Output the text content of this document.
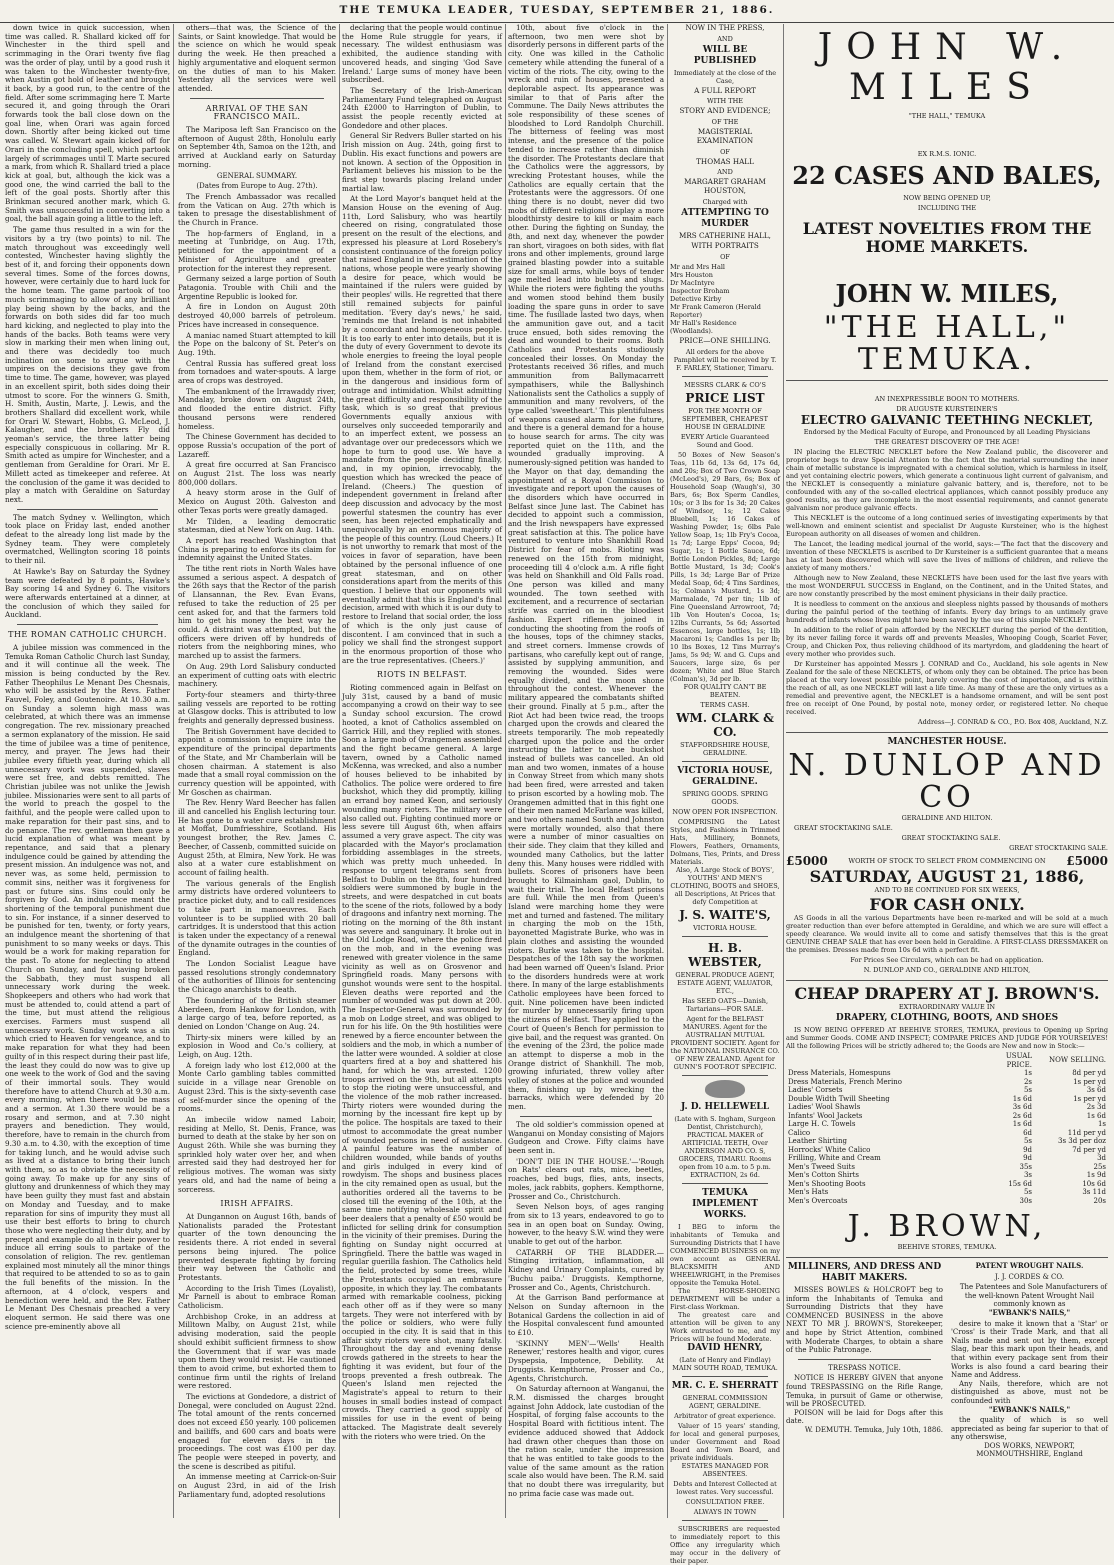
THE TEMUKA LEADER, TUESDAY, SEPTEMBER 21, 1886.

down twice in quick succession, when time was called. R. Shallard kicked off for Winchester in the third spell and scrimmaging in the Orari twenty five flag was the order of play, until by a good rush it was taken to the Winchester twenty-five, when Austin got hold of leather and brought it back, by a good run, to the centre of the field. After some scrimmaging here T. Marte secured it, and going through the Orari forwards took the ball close down on the goal line, when Orari was again forced down. Shortly after being kicked out time was called. W. Stewart again kicked off for Orari in the concluding spell, which partook largely of scrimmages until T. Marte secured a mark, from which R. Shallard tried a place kick at goal, but, although the kick was a good one, the wind carried the ball to the left of the goal posts. Shortly after this Brinkman secured another mark, which G. Smith was unsuccessful in converting into a goal, the ball again going a little to the left.

The game thus resulted in a win for the visitors by a try (two points) to nil. The match throughout was exceedingly well contested, Winchester having slightly the best of it, and forcing their opponents down several times. Some of the forces downs, however, were certainly due to hard luck for the home team. The game partook of too much scrimmaging to allow of any brilliant play being shown by the backs, and the forwards on both sides did far too much hard kicking, and neglected to play into the hands of the backs. Both teams were very slow in marking their men when lining out, and there was decidedly too much inclination on some to argue with the umpires on the decisions they gave from time to time. The game, however, was played in an excellent spirit, both sides doing their utmost to score. For the winners G. Smith, H. Smith, Austin, Marte, J. Lewis, and the brothers Shallard did excellent work, while for Orari W. Stewart, Hobbs, G. McLeod, J. Kalaugher, and the brothers Fly did yeoman's service, the three latter being especially conspicuous in collaring. Mr R. Smith acted as umpire for Winchester, and a gentleman from Geraldine for Orari. Mr E. Millett acted as timekeeper and referee. At the conclusion of the game it was decided to play a match with Geraldine on Saturday next.

The match Sydney v. Wellington, which took place on Friday last, ended another defeat to the already long list made by the Sydney team. They were completely overmatched, Wellington scoring 18 points to their nil.

At Hawke's Bay on Saturday the Sydney team were defeated by 8 points, Hawke's Bay scoring 14 and Sydney 6. The visitors were afterwards entertained at a dinner, at the conclusion of which they sailed for Auckland.

THE ROMAN CATHOLIC CHURCH.

A jubilee mission was commenced in the Temuka Roman Catholic Church last Sunday, and it will continue all the week. The mission is being conducted by the Rev. Father Theophilus Le Menant Des Chesnais, who will be assisted by the Revs. Father Fauvel, Foley, and Goutenoire. At 10.30 a.m. on Sunday a solemn high mass was celebrated, at which there was an immense congregation. The rev. missionary preached a sermon explanatory of the mission. He said the time of jubilee was a time of penitence, mercy, and prayer. The Jews had their jubilee every fiftieth year, during which all unnecessary work was suspended, slaves were set free, and debts remitted. The Christian jubilee was not unlike the Jewish jubilee. Missionaries were sent to all parts of the world to preach the gospel to the faithful, and the people were called upon to make reparation for their past sins, and to do penance. The rev. gentleman then gave a lucid explanation of what was meant by repentance, and said that a plenary indulgence could be gained by attending the present mission. An indulgence was not, and never was, as some held, permission to commit sins, neither was it forgiveness for past or future sins. Sins could only be forgiven by God. An indulgence meant the shortening of the temporal punishment due to sin. For instance, if a sinner deserved to be punished for ten, twenty, or forty years, an indulgence meant the shortening of that punishment to so many weeks or days. This would be a work for making reparation for the past. To atone for neglecting to attend Church on Sunday, and for having broken the Sabbath, they must suspend all unnecessary work during the week. Shopkeepers and others who had work that must be attended to, could attend a part of the time, but must attend the religious exercises. Farmers must suspend all unnecessary work. Sunday work was a sin which cried to Heaven for vengeance, and to make reparation for what they had been guilty of in this respect during their past life, the least they could do now was to give up one week to the work of God and the saving of their immortal souls. They would therefore have to attend Church at 9.30 a.m. every morning, when there would be mass and a sermon. At 1.30 there would be a rosary and sermon, and at 7.30 night prayers and benediction. They would, therefore, have to remain in the church from 9.30 a.m. to 4.30, with the exception of time for taking lunch, and he would advise such as lived at a distance to bring their lunch with them, so as to obviate the necessity of going away. To make up for any sins of gluttony and drunkenness of which they may have been guilty they must fast and abstain on Monday and Tuesday, and to make reparation for sins of impurity they must all use their best efforts to bring to church those who were neglecting their duty, and by precept and example do all in their power to induce all erring souls to partake of the consolation of religion. The rev. gentleman explained most minutely all the minor things that required to be attended to so as to gain the full benefits of the mission. In the afternoon, at 4 o'clock, vespers and benediction were held, and the Rev. Father Le Menant Des Chesnais preached a very eloquent sermon. He said there was one science pre-eminently above all

others—that was, the Science of the Saints, or Saint knowledge. That would be the science on which he would speak during the week. He then preached a highly argumentative and eloquent sermon on the duties of man to his Maker. Yesterday all the services were well attended.

ARRIVAL OF THE SAN FRANCISCO MAIL.

The Mariposa left San Francisco on the afternoon of August 28th, Honolulu early on September 4th, Samoa on the 12th, and arrived at Auckland early on Saturday morning.

GENERAL SUMMARY.

(Dates from Europe to Aug. 27th).

The French Ambassador was recalled from the Vatican on Aug. 27th which is taken to presage the disestablishment of the Church in France.

The hop-farmers of England, in a meeting at Tunbridge, on Aug. 17th, petitioned for the appointment of a Minister of Agriculture and greater protection for the interest they represent.

Germany seized a large portion of South Patagonia. Trouble with Chili and the Argentine Republic is looked for.

A fire in London on August 20th destroyed 40,000 barrels of petroleum. Prices have increased in consequence.

A maniac named Stuart attempted to kill the Pope on the balcony of St. Peter's on Aug. 19th.

Central Russia has suffered great loss from tornadoes and water-spouts. A large area of crops was destroyed.

The embankment of the Irrawaddy river, Mandalay, broke down on August 24th, and flooded the entire district. Fifty thousand persons were rendered homeless.

The Chinese Government has decided to oppose Russia's occupation of the port of Lazareff.

A great fire occurred at San Francisco on August 21st. The loss was nearly 800,000 dollars.

A heavy storm arose in the Gulf of Mexico on August 20th. Galveston and other Texas ports were greatly damaged.

Mr Tilden, a leading democratic statesman, died at New York on Aug. 14th.

A report has reached Washington that China is preparing to enforce its claim for indemnity against the United States.

The tithe rent riots in North Wales have assumed a serious aspect. A despatch of the 26th says that the Rector of the parish of Llansannan, the Rev. Evan Evans, refused to take the reduction of 25 per cent asked for, and that the farmers told him to get his money the best way he could. A distraint was attempted, but the officers were driven off by hundreds of rioters from the neighboring mines, who marched up to assist the farmers.

On Aug. 29th Lord Salisbury conducted an experiment of cutting oats with electric machinery.

Forty-four steamers and thirty-three sailing vessels are reported to be rotting at Glasgow docks. This is attributed to low freights and generally depressed business.

The British Government have decided to appoint a commission to enquire into the expenditure of the principal departments of the State, and Mr Chamberlain will be chosen chairman. A statement is also made that a small royal commission on the currency question will be appointed, with Mr Goschen as chairman.

The Rev. Henry Ward Beecher has fallen ill and cancelled his English lecturing tour. He has gone to a water cure establishment at Moffat, Dumfriesshire, Scotland. His youngest brother, the Rev. James C. Beecher, of Cassenb, committed suicide on August 25th, at Elmira, New York. He was also at a water cure establishment on account of failing health.

The various generals of the English army districts have ordered volunteers to practice picket duty, and to call residences to take part in manoeuvres. Each volunteer is to be supplied with 20 ball cartridges. It is understood that this action is taken under the expectancy of a renewal of the dynamite outrages in the counties of England.

The London Socialist League have passed resolutions strongly condemnatory of the authorities of Illinois for sentencing the Chicago anarchists to death.

The foundering of the British steamer Aberdeen, from Hankow for London, with a large cargo of tea, before reported, as denied on London 'Change on Aug. 24.

Thirty-six miners were killed by an explosion in Wood and Co.'s colliery, at Leigh, on Aug. 12th.

A foreign lady who lost £12,000 at the Monte Carlo gambling tables committed suicide in a village near Grenoble on August 23rd. This is the sixty-seventh case of self-murder since the opening of the rooms.

An imbecile widow named Laboir, residing at Mello, St. Denis, France, was burned to death at the stake by her son on August 26th. While she was burning they sprinkled holy water over her, and when arrested said they had destroyed her for religious motives. The woman was sixty years old, and had the name of being a sorceress.

IRISH AFFAIRS.

At Dungannon on August 16th, bands of Nationalists paraded the Protestant quarter of the town denouncing the residents there. A riot ended in several persons being injured. The police prevented desperate fighting by forcing their way between the Catholic and Protestants.

According to the Irish Times (Loyalist), Mr Parnell is about to embrace Roman Catholicism.

Archbishop Croke, in an address at Milltown Malby, on August 21st, while advising moderation, said the people should exhibit sufficient firmness to show the Government that if war was made upon them they would resist. He cautioned them to avoid crime, but exhorted them to continue firm until the rights of Ireland were restored.

The evictions at Gondedore, a district of Donegal, were concluded on August 22nd. The total amount of the rents concerned does not exceed £50 yearly. 100 policemen and bailiffs, and 600 cars and boats were engaged for eleven days in the proceedings. The cost was £100 per day. The people were steeped in poverty, and the scene is described as pitiful.

An immense meeting at Carrick-on-Suir on August 23rd, in aid of the Irish Parliamentary fund, adopted resolutions

declaring that the people would continue the Home Rule struggle for years, if necessary. The wildest enthusiasm was exhibited, the audience standing with uncovered heads, and singing 'God Save Ireland.' Large sums of money have been subscribed.

The Secretary of the Irish-American Parliamentary Fund telegraphed on August 24th £2000 to Harrington of Dublin, to assist the people recently evicted at Gondedore and other places.

General Sir Redvers Buller started on his Irish mission on Aug. 24th, going first to Dublin. His exact functions and powers are not known. A section of the Opposition in Parliament believes his mission to be the first step towards placing Ireland under martial law.

At the Lord Mayor's banquet held at the Mansion House on the evening of Aug. 11th, Lord Salisbury, who was heartily cheered on rising, congratulated those present on the result of the elections, and expressed his pleasure at Lord Rosebery's consistent continuance of the foreign policy that raised England in the estimation of the nations, whose people were yearly showing a desire for peace, which would be maintained if the rulers were guided by their peoples' wills. He regretted that there still remained subjects for painful meditation. 'Every day's news,' he said, 'reminds me that Ireland is not inhabited by a concordant and homogeneous people. It is too early to enter into details, but it is the duty of every Government to devote its whole energies to freeing the loyal people of Ireland from the constant exercised upon them, whether in the form of riot, or in the dangerous and insidious form of outrage and intimidation. Whilst admitting the great difficulty and responsibility of the task, which is so great that previous Governments equally anxious with ourselves only succeeded temporarily and to an imperfect extent, we possess an advantage over our predecessors which we hope to turn to good use. We have a mandate from the people deciding finally, and, in my opinion, irrevocably, the question which has wrecked the peace of Ireland. (Cheers.) The question of independent government in Ireland after deep discussion and advocacy by the most powerful statesmen the country has ever seen, has been rejected emphatically and unequivocally by an enormous majority of the people of this country. (Loud Cheers.) It is not unworthy to remark that most of the voices in favor of separation, have been obtained by the personal influence of one great statesman, and on other considerations apart from the merits of this question. I believe that our opponents will eventually admit that this is England's final decision, armed with which it is our duty to restore to Ireland that social order, the loss of which is the only just cause of discontent. I am convinced that in such a policy we shall find the strongest support in the enormous proportion of those who are the true representatives. (Cheers.)'

RIOTS IN BELFAST.

Rioting commenced again in Belfast on July 31st, caused by a band of music accompanying a crowd on their way to see a Sunday school excursion. The crowd hooted, a knot of Catholics assembled on Garrick Hill, and they replied with stones. Soon a large mob of Orangemen assembled and the fight became general. A large tavern, owned by a Catholic named McKenna, was wrecked, and also a number of houses believed to be inhabited by Catholics. The police were ordered to fire buckshot, which they did promptly, killing an errand boy named Keon, and seriously wounding many rioters. The military were also called out. Fighting continued more or less severe till August 6th, when affairs assumed a very grave aspect. The city was placarded with the Mayor's proclamation forbidding assemblages in the streets, which was pretty much unheeded. In response to urgent telegrams sent from Belfast to Dublin on the 8th, four hundred soldiers were summoned by bugle in the streets, and were despatched in cut boats to the scene of the riots, followed by a body of dragoons and infantry next morning. The rioting on the morning of the 8th instant was severe and sanguinary. It broke out in the Old Lodge Road, where the police fired on the mob, and in the evening was renewed with greater violence in the same vicinity as well as on Grosvenor and Springfield roads. Many persons with gunshot wounds were sent to the hospital. Eleven deaths were reported and the number of wounded was put down at 200. The Inspector-General was surrounded by a mob on Lodge street, and was obliged to run for his life. On the 9th hostilities were renewed by a fierce encounter between the soldiers and the mob, in which a number of the latter were wounded. A soldier at close quarters fired at a boy and shattered his hand, for which he was arrested. 1200 troops arrived on the 9th, but all attempts to stop the rioting were unsuccessful, and the violence of the mob rather increased. Thirty rioters were wounded during the morning by the incessant fire kept up by the police. The hospitals are taxed to their utmost to accommodate the great number of wounded persons in need of assistance. A painful feature was the number of children wounded, while bands of youths and girls indulged in every kind of rowdyism. The shops and business places in the city remained open as usual, but the authorities ordered all the taverns to be closed till the evening of the 10th, at the same time notifying wholesale spirit and beer dealers that a penalty of £50 would be inflicted for selling drink for consumption in the vicinity of their premises. During the fighting on Sunday night occurred at Springfield. There the battle was waged in regular guerilla fashion. The Catholics held the field, protected by some trees, while the Protestants occupied an embrasure opposite, in which they lay. The combatants armed with remarkable coolness, picking each other off as if they were so many targets. They were not interfered with by the police or soldiers, who were fully occupied in the city. It is said that in this affair sixty rioters were shot, many fatally. Throughout the day and evening dense crowds gathered in the streets to hear the fighting it was evident, but four of the troops prevented a fresh outbreak. The Queen's Island men rejected the Magistrate's appeal to return to their houses in small bodies instead of compact crowds. They carried a good supply of missiles for use in the event of being attacked. The Magistrate dealt severely with the rioters who were tried. On the

10th, about five o'clock in the afternoon, two men were shot by disorderly persons in different parts of the city. One was killed in the Catholic cemetery while attending the funeral of a victim of the riots. The city, owing to the wreck and ruin of houses, presented a deplorable aspect. Its appearance was similar to that of Paris after the Commune. The Daily News attributes the sole responsibility of these scenes of bloodshed to Lord Randolph Churchill. The bitterness of feeling was most intense, and the presence of the police tended to increase rather than diminish the disorder. The Protestants declare that the Catholics were the aggressors, by wrecking Protestant houses, while the Catholics are equally certain that the Protestants were the aggressors. Of one thing there is no doubt, never did two mobs of different religions display a more bloodthirsty desire to kill or maim each other. During the fighting on Sunday, the 8th, and next day, whenever the powder ran short, viragoes on both sides, with flat irons and other implements, ground large grained blasting powder into a suitable size for small arms, while boys of tender age melted lead into bullets and slugs. While the rioters were fighting the youths and women stood behind them busily loading the spare guns in order to save time. The fusillade lasted two days, when the ammunition gave out, and a tacit truce ensued, both sides removing the dead and wounded to their rooms. Both Catholics and Protestants studiously concealed their losses. On Monday the Protestants received 36 rifles, and much ammunition from Ballymacarrett sympathisers, while the Ballyshinch Nationalists sent the Catholics a supply of ammunition and many revolvers, of the type called 'sweetheart.' This plentifulness of weapons caused alarm for the future, and there is a general demand for a house to house search for arms. The city was reported quiet on the 11th, and the wounded gradually improving. A numerously-signed petition was handed to the Mayor on that day, demanding the appointment of a Royal Commission to investigate and report upon the causes of the disorders which have occurred in Belfast since June last. The Cabinet has decided to appoint such a commission, and the Irish newspapers have expressed great satisfaction at this. The police have ventured to venture into Shankhill Road District for fear of mobs. Rioting was renewed on the 15th from midnight, proceeding till 4 o'clock a.m. A rifle fight was held on Shankhill and Old Falls road. One person was killed and many wounded. The town seethed with excitement, and a recurrence of sectarian strife was carried on in the bloodiest fashion. Expert riflemen joined in conducting the shooting from the roofs of the houses, tops of the chimney stacks, and street corners. Immense crowds of partisans, who carefully kept out of range, assisted by supplying ammunition, and removing the wounded. Sides were equally divided, and the moon shone throughout the contest. Whenever the military appeared the combatants shifted their ground. Finally at 5 p.m., after the Riot Act had been twice read, the troops charged upon the crowds and cleared the streets temporarily. The mob repeatedly charged upon the police and the order instructing the latter to use buckshot instead of bullets was cancelled. An old man and two women, inmates of a house in Conway Street from which many shots had been fired, were arrested and taken to prison escorted by a howling mob. The Orangemen admitted that in this fight one of their men named McFarlane was killed, and two others named South and Johnston were mortally wounded, also that there were a number of minor casualties on their side. They claim that they killed and wounded many Catholics, but the latter deny this. Many houses were riddled with bullets. Scores of prisoners have been brought to Kilmainham gaol, Dublin, to wait their trial. The local Belfast prisons are full. While the men from Queen's Island were marching home they were met and turned and fastened. The military in charging the mob on the 15th, bayonetted Magistrate Burke, who was in plain clothes and assisting the wounded rioters. Burke was taken to the hospital. Despatches of the 18th say the workmen had been warned off Queen's Island. Prior to the disorders hundreds were at work there. In many of the large establishments Catholic employees have been forced to quit. Nine policemen have been indicted for murder by unnecessarily firing upon the citizens of Belfast. They applied to the Court of Queen's Bench for permission to give bail, and the request was granted. On the evening of the 23rd, the police made an attempt to disperse a mob in the Orange district of Shankhill. The mob, growing infuriated, threw volley after volley of stones at the police and wounded them, finishing up by wrecking the barracks, which were defended by 20 men.

The old soldier's commission opened at Wanganui on Monday consisting of Majors Gudgeon and Crowe. Fifty claims have been sent in.

'DON'T DIE IN THE HOUSE.'—'Rough on Rats' clears out rats, mice, beetles, roaches, bed bugs, flies, ants, insects, moles, jack rabbits, gophers. Kempthorne, Prosser and Co., Christchurch.

Seven Nelson boys, of ages ranging from six to 13 years, endeavored to go to sea in an open boat on Sunday. Owing, however, to the heavy S.W. wind they were unable to get out of the harbor.

CATARRH OF THE BLADDER.—Stinging irritation, inflammation, all Kidney and Urinary Complaints, cured by 'Buchu paiba.' Druggists. Kempthorne, Prosser and Co., Agents, Christchurch.

At the Garrison Band performance at Nelson on Sunday afternoon in the Botanical Gardens the collection in aid of the Hospital convalescent fund amounted to £10.

'SKINNY MEN'—'Wells' Health Renewer,' restores health and vigor, cures Dyspepsia, Impotence, Debility. At Druggists. Kempthorne, Prosser and Co., Agents, Christchurch.

On Saturday afternoon at Wanganui, the R.M. dismissed the charges brought against John Addock, late custodian of the Hospital, of forging false accounts to the Hospital Board with fictitious intent. The evidence adduced showed that Addock had drawn other cheques than those on the ration scale, under the impression that he was entitled to take goods to the value of the same amount as the ration scale also would have been. The R.M. said that no doubt there was irregularity, but no prima facie case was made out.

NOW IN THE PRESS,

AND

WILL BE PUBLISHED

Immediately at the close of the Case,

A FULL REPORT

WITH THE

STORY AND EVIDENCE;

OF THE

MAGISTERIAL EXAMINATION

OF

THOMAS HALL

AND

MARGARET GRAHAM HOUSTON,

Charged with

ATTEMPTING TO MURDER

MRS CATHERINE HALL,

WITH PORTRAITS

OF

Mr and Mrs Hall
Mrs Houston
Dr MacIntyre
Inspector Broham
Detective Kirby
Mr Frank Cameron (Herald Reporter)
Mr Hall's Residence (Woodlands).

PRICE—ONE SHILLING.

All orders for the above Pamphlet will be received by T. F. FARLEY, Stationer, Timaru.

MESSRS CLARK & CO'S

PRICE LIST

FOR THE MONTH OF SEPTEMBER, CHEAPEST HOUSE IN GERALDINE

EVERY Article Guaranteed Sound and Good.

50 Boxes of New Season's Teas, 11b 6d, 13s 6d, 17s 6d, and 20s; Box of Two Crown Soap (McLeod's), 29 Bars, 6s; Box of Household Soap (Waugh's), 30 Bars, 6s; Box Sperm Candles, 10s; or 3 lbs for 1s 3d; 20 Cakes of Windsor, 1s; 12 Cakes Bluebell, 1s; 16 Cakes of Washing Powder, 1s; 6lbs Pale Yellow Soap, 1s; 1lb Fry's Cocoa, 1s 7d; Large Epps' Cocoa, 9d; Sugar, 1s; 1 Bottle Sauce, 6d; Bottle London Pickles, 8d; Large Bottle Mustard, 1s 3d; Cook's Pills, 1s 3d; Large Bar of Prize Medal Soap, 6d; 4 Tins Sardines, 1s; Colman's Mustard, 1s 3d; Marmalade, 7d per tin; 1lb of Fine Queensland Arrowroot, 7d; 1lb Von Houten's Cocoa, 1s; 12lbs Currants, 5s 6d; Assorted Essences, large bottles, 1s; 1lb Macaroni 1s; Candles 1s per lb; 10 lbs Boxes, 12 Tins Murray's Jams, 5s 9d; W. and G. Cups and Saucers, large size, 6s per dozen; White and Blue Starch (Colman's), 3d per lb.

FOR QUALITY CAN'T BE BEATEN.

TERMS CASH.

WM. CLARK & CO.

STAFFORDSHIRE HOUSE, GERALDINE.

VICTORIA HOUSE, GERALDINE.

SPRING GOODS. SPRING GOODS.

NOW OPEN FOR INSPECTION.

COMPRISING the Latest Styles, and Fashions in Trimmed Hats, Millinery, Bonnets, Flowers, Feathers, Ornaments, Dolmans, Ties, Prints, and Dress Materials.

Also, A Large Stock of BOYS', YOUTHS' AND MEN'S CLOTHING, BOOTS and SHOES, all Descriptions, At Prices that defy Competition at

J. S. WAITE'S,

VICTORIA HOUSE.

H. B. WEBSTER,

GENERAL PRODUCE AGENT, ESTATE AGENT, VALUATOR, ETC.,

Has SEED OATS—Danish, Tartarians—FOR SALE.

Agent for the BELFAST MANURES. Agent for the AUSTRALIAN MUTUAL PROVIDENT SOCIETY. Agent for the NATIONAL INSURANCE CO. OF NEW ZEALAND. Agent for GUNN'S FOOT-ROT SPECIFIC.

J. D. HELLEWELL

(Late with S. Ingham, Surgeon Dentist, Christchurch), PRACTICAL MAKER of ARTIFICIAL TEETH, Over ANDERSON AND CO. S, GROCERS, TIMARU. Rooms open from 10 a.m. to 5 p.m. EXTRACTION, 2s 6d.

TEMUKA IMPLEMENT WORKS.

I BEG to inform the inhabitants of Temuka and Surrounding Districts that I have COMMENCED BUSINESS on my own account as GENERAL BLACKSMITH AND WHEELWRIGHT, in the Premises opposite the Temuka Hotel.

The HORSE-SHOEING DEPARTMENT will be under a First-class Workman.

The greatest care and attention will be given to any Work entrusted to me, and my Prices will be found Moderate.

DAVID HENRY,

(Late of Henry and Findlay) MAIN SOUTH ROAD, TEMUKA.

MR. C. E. SHERRATT

GENERAL COMMISSION AGENT, GERALDINE.

Arbitrator of great experience.

Valuer of 15 years' standing, for local and general purposes, under Government and Road Board and Town Board, and private individuals.

ESTATES MANAGED FOR ABSENTEES.

Debts and Interest Collected at lowest rates. Very successful.

CONSULTATION FREE.

ALWAYS IN TOWN

SUBSCRIBERS are requested to immediately report to this Office any irregularity which may occur in the delivery of their paper.

JOHN W. MILES

"THE HALL," TEMUKA

EX R.M.S. IONIC.

22 CASES AND BALES,

NOW BEING OPENED UP,

INCLUDING THE

LATEST NOVELTIES FROM THE HOME MARKETS.
JOHN W. MILES,
"THE HALL," TEMUKA.

AN INEXPRESSIBLE BOON TO MOTHERS.

DR AUGUSTE KURSTEINER'S

ELECTRO GALVANIC TEETHING NECKLET,

Endorsed by the Medical Faculty of Europe, and Pronounced by all Leading Physicians

THE GREATEST DISCOVERY OF THE AGE!

IN placing the ELECTRIC NECKLET before the New Zealand public, the discoverer and proprietor begs to draw Special Attention to the fact that the material surrounding the inner chain of metallic substance is impregnated with a chemical solution, which is harmless in itself, and yet containing electric powers, which generate a continuous light current of galvanism, and the NECKLET is consequently a miniature galvanic battery, and is, therefore, not to be confounded with any of the so-called electrical appliances, which cannot possibly produce any good results, as they are incomplete in the most essential requirements, and cannot generate galvanism nor produce galvanic effects.

This NECKLET is the outcome of a long continued series of investigating experiments by that well-known and eminent scientist and specialist Dr Auguste Kursteiner, who is the highest European authority on all diseases of women and children.

The Lancet, the leading medical journal of the world, says:—'The fact that the discovery and invention of these NECKLETS is ascribed to Dr Kursteiner is a sufficient guarantee that a means has at last been discovered which will save the lives of millions of children, and relieve the anxiety of many mothers.'

Although new to New Zealand, these NECKLETS have been used for the last five years with the most WONDERFUL SUCCESS in England, on the Continent, and in the United States, and are now constantly prescribed by the most eminent physicians in their daily practice.

It is needless to comment on the anxious and sleepless nights passed by thousands of mothers during the painful period of the teething of infants. Every day brings to an untimely grave hundreds of infants whose lives might have been saved by the use of this simple NECKLET.

In addition to the relief of pain afforded by the NECKLET during the period of the dentition, by its never failing force it wards off and prevents Measles, Whooping Cough, Scarlet Fever, Croup, and Chicken Pox, thus relieving childhood of its martyrdom, and gladdening the heart of every mother who provides such.

Dr Kursteiner has appointed Messrs J. CONRAD and Co., Auckland, his sole agents in New Zealand for the sale of these NECKLETS, of whom only they can be obtained. The price has been placed at the very lowest possible point, barely covering the cost of importation, and is within the reach of all, as one NECKLET will last a life time. As many of these are the only virtues as a remedial and preventive agent, the NECKLET is a handsome ornament, and will be sent post free on receipt of One Pound, by postal note, money order, or registered letter. No cheque received.

Address—J. CONRAD & CO., P.O. Box 408, Auckland, N.Z.

MANCHESTER HOUSE.

N. DUNLOP AND CO

GERALDINE AND HILTON.

GREAT STOCKTAKING SALE.

GREAT STOCKTAKING SALE.

GREAT STOCKTAKING SALE.

£5000	WORTH OF STOCK TO SELECT FROM COMMENCING ON	£5000
SATURDAY, AUGUST 21, 1886,

AND TO BE CONTINUED FOR SIX WEEKS,

FOR CASH ONLY.

AS Goods in all the various Departments have been re-marked and will be sold at a much greater reduction than ever before attempted in Geraldine, and which we are sure will effect a speedy clearance. We would invite all to come and satisfy themselves that this is the great GENUINE CHEAP SALE that has ever been held in Geraldine. A FIRST-CLASS DRESSMAKER on the premises. Dresses made from 10s 6d with a perfect fit.

For Prices See Circulars, which can be had on application.

N. DUNLOP AND CO., GERALDINE AND HILTON,

CHEAP DRAPERY AT J. BROWN'S.

EXTRAORDINARY VALUE IN

DRAPERY, CLOTHING, BOOTS, AND SHOES

IS NOW BEING OFFERED AT BEEHIVE STORES, TEMUKA, previous to Opening up Spring and Summer Goods. COME AND INSPECT; COMPARE PRICES AND JUDGE FOR YOURSELVES! All the following Prices will be strictly adhered to; the Goods are New and now in Stock:—

	USUAL PRICE.	NOW SELLING.
Dress Materials, Homespuns	1s	8d per yd
Dress Materials, French Merino	2s	1s per yd
Ladies' Corsets	5s	3s 6d
Double Width Twill Sheeting	1s 6d	1s per yd
Ladies' Wool Shawls	3s 6d	2s 3d
Infants' Wool Jackets	2s 6d	1s 6d
Large H. C. Towels	1s 6d	1s
Calico	6d	11d per yd
Leather Shirting	5s	3s 3d per doz
Horrocks' White Calico	9d	7d per yd
Frilling, White and Cream	9d	3d
Men's Tweed Suits	35s	25s
Men's Cotton Shirts	3s	1s 9d
Men's Shooting Boots	15s 6d	10s 6d
Men's Hats	5s	3s 11d
Men's Overcoats	30s	20s
J. BROWN,

BEEHIVE STORES, TEMUKA.

MILLINERS, AND DRESS AND HABIT MAKERS.

MISSES BOWLES & HOLCROFT beg to inform the Inhabitants of Temuka and Surrounding Districts that they have COMMENCED BUSINESS in the above NEXT TO MR J. BROWN'S, Storekeeper, and hope by Strict Attention, combined with Moderate Charges, to obtain a share of the Public Patronage.

TRESPASS NOTICE.

NOTICE IS HEREBY GIVEN that anyone found TRESPASSING on the Rifle Range, Temuka, in pursuit of Game or otherwise, will be PROSECUTED.

POISON will be laid for Dogs after this date.

W. DEMUTH. Temuka, July 10th, 1886.

PATENT WROUGHT NAILS.

J. J. CORDES & CO.

The Patentees and Sole Manufacturers of the well-known Patent Wrought Nail commonly known as

"EWBANK'S NAILS,"

desire to make it known that a 'Star' or 'Cross' is their Trade Mark, and that all Nails made and sent out by them, except Slag, bear this mark upon their heads, and that within every package sent from their Works is also found a card bearing their Name and Address.

Any Nails, therefore, which are not distinguished as above, must not be confounded with

"EWBANK'S NAILS,"

the quality of which is so well appreciated as being far superior to that of any otherswise,

DOS WORKS, NEWPORT, MONMOUTHSHIRE, England
